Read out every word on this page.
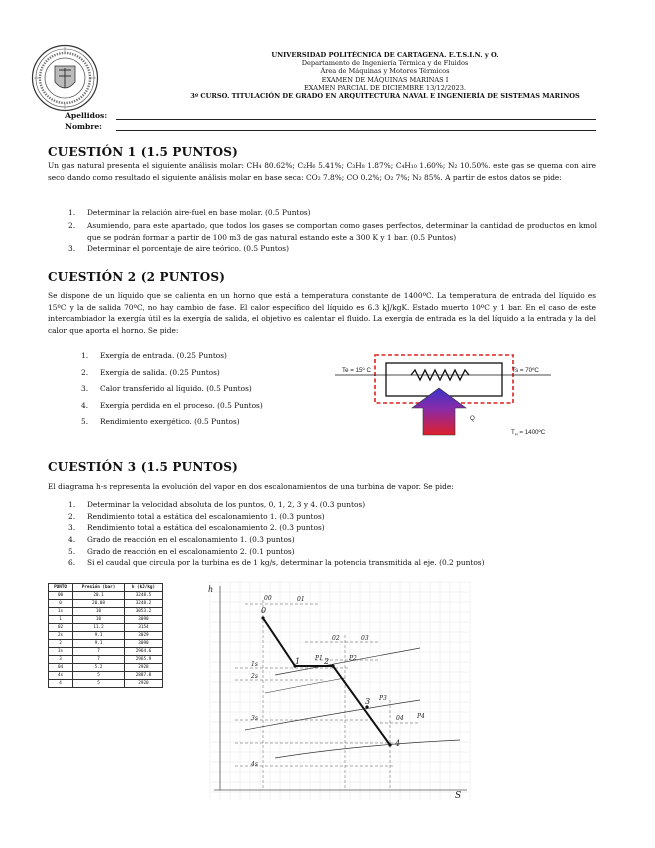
UNIVERSIDAD POLITÉCNICA DE CARTAGENA. E.T.S.I.N. y O.
Departamento de Ingeniería Térmica y de Fluidos
Área de Máquinas y Motores Térmicos
EXAMEN DE MÁQUINAS MARINAS I
EXAMEN PARCIAL DE DICIEMBRE 13/12/2023.
3º CURSO. TITULACIÓN DE GRADO EN ARQUITECTURA NAVAL E INGENIERÍA DE SISTEMAS MARINOS
Apellidos:
Nombre:
CUESTIÓN 1 (1.5 PUNTOS)
Un gas natural presenta el siguiente análisis molar: CH₄ 80.62%; C₂H₆ 5.41%; C₃H₈ 1.87%; C₄H₁₀ 1.60%; N₂ 10.50%. este gas se quema con aire seco dando como resultado el siguiente análisis molar en base seca: CO₂ 7.8%; CO 0.2%; O₂ 7%; N₂ 85%. A partir de estos datos se pide:
1. Determinar la relación aire-fuel en base molar. (0.5 Puntos)
2. Asumiendo, para este apartado, que todos los gases se comportan como gases perfectos, determinar la cantidad de productos en kmol que se podrán formar a partir de 100 m3 de gas natural estando este a 300 K y 1 bar. (0.5 Puntos)
3. Determinar el porcentaje de aire teórico. (0.5 Puntos)
CUESTIÓN 2 (2 PUNTOS)
Se dispone de un líquido que se calienta en un horno que está a temperatura constante de 1400ºC. La temperatura de entrada del líquido es 15ºC y la de salida 70ºC, no hay cambio de fase. El calor específico del líquido es 6.3 kJ/kgK. Estado muerto 10ºC y 1 bar. En el caso de este intercambiador la exergía útil es la exergía de salida, el objetivo es calentar el fluido. La exergía de entrada es la del líquido a la entrada y la del calor que aporta el horno. Se pide:
1. Exergía de entrada. (0.25 Puntos)
2. Exergía de salida. (0.25 Puntos)
3. Calor transferido al líquido. (0.5 Puntos)
4. Exergía perdida en el proceso. (0.5 Puntos)
5. Rendimiento exergético. (0.5 Puntos)
Te = 15º C	Ts = 70ºC
Q
$T_H$ = 1400ºC
CUESTIÓN 3 (1.5 PUNTOS)
El diagrama h-s representa la evolución del vapor en dos escalonamientos de una turbina de vapor. Se pide:
1. Determinar la velocidad absoluta de los puntos, 0, 1, 2, 3 y 4. (0.3 puntos)
2. Rendimiento total a estática del escalonamiento 1. (0.3 puntos)
3. Rendimiento total a estática del escalonamiento 2. (0.3 puntos)
4. Grado de reacción en el escalonamiento 1. (0.3 puntos)
5. Grado de reacción en el escalonamiento 2. (0.1 puntos)
6. Si el caudal que circula por la turbina es de 1 kg/s, determinar la potencia transmitida al eje. (0.2 puntos)
PUNTO	Presión (bar)	h (kJ/kg)
00	20.1	3248.5
0	20.08	3248.2
1s	10	3053.2
1	10	3090
02	11.2	3154
2s	9.1	3029
2	9.1	3090
3s	7	2964.6
3	7	2965.9
04	5.2	2928
4s	5	2887.8
4	5	2920
00	01
02	03
04
0
1	2
3
4
1s
2s
3s
4s
P1	P2
P3
P4
h
S
